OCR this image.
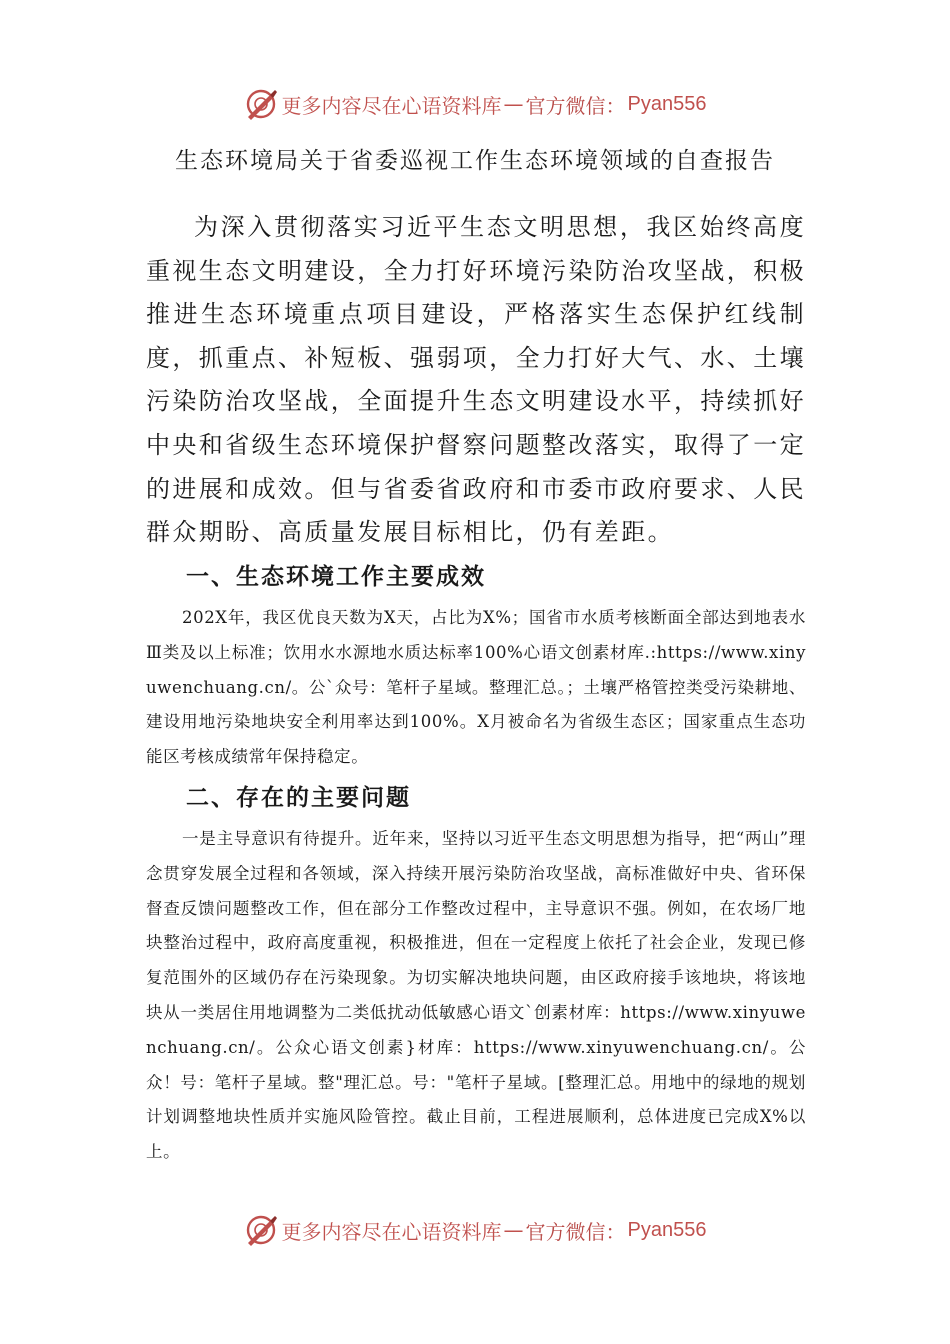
更多内容尽在心语资料库 — 官方微信： Pyan556
生态环境局关于省委巡视工作生态环境领域的自查报告

为深入贯彻落实习近平生态文明思想，我区始终高度重视生态文明建设，全力打好环境污染防治攻坚战，积极推进生态环境重点项目建设，严格落实生态保护红线制度，抓重点、补短板、强弱项，全力打好大气、水、土壤污染防治攻坚战，全面提升生态文明建设水平，持续抓好中央和省级生态环境保护督察问题整改落实，取得了一定的进展和成效。但与省委省政府和市委市政府要求、人民群众期盼、高质量发展目标相比，仍有差距。

一、生态环境工作主要成效

202X年，我区优良天数为X天，占比为X%；国省市水质考核断面全部达到地表水Ⅲ类及以上标准；饮用水水源地水质达标率100%心语文创素材库.:https://www.xinyuwenchuang.cn/。公`众号：笔杆子星域。整理汇总。；土壤严格管控类受污染耕地、建设用地污染地块安全利用率达到100%。X月被命名为省级生态区；国家重点生态功能区考核成绩常年保持稳定。

二、存在的主要问题

一是主导意识有待提升。近年来，坚持以习近平生态文明思想为指导，把“两山”理念贯穿发展全过程和各领域，深入持续开展污染防治攻坚战，高标准做好中央、省环保督查反馈问题整改工作，但在部分工作整改过程中，主导意识不强。例如，在农场厂地块整治过程中，政府高度重视，积极推进，但在一定程度上依托了社会企业，发现已修复范围外的区域仍存在污染现象。为切实解决地块问题，由区政府接手该地块，将该地块从一类居住用地调整为二类低扰动低敏感心语文`创素材库：https://www.xinyuwenchuang.cn/。公众心语文创素}材库：https://www.xinyuwenchuang.cn/。公众！号：笔杆子星域。整"理汇总。号："笔杆子星域。[整理汇总。用地中的绿地的规划计划调整地块性质并实施风险管控。截止目前，工程进展顺利，总体进度已完成X%以上。

更多内容尽在心语资料库 — 官方微信： Pyan556
